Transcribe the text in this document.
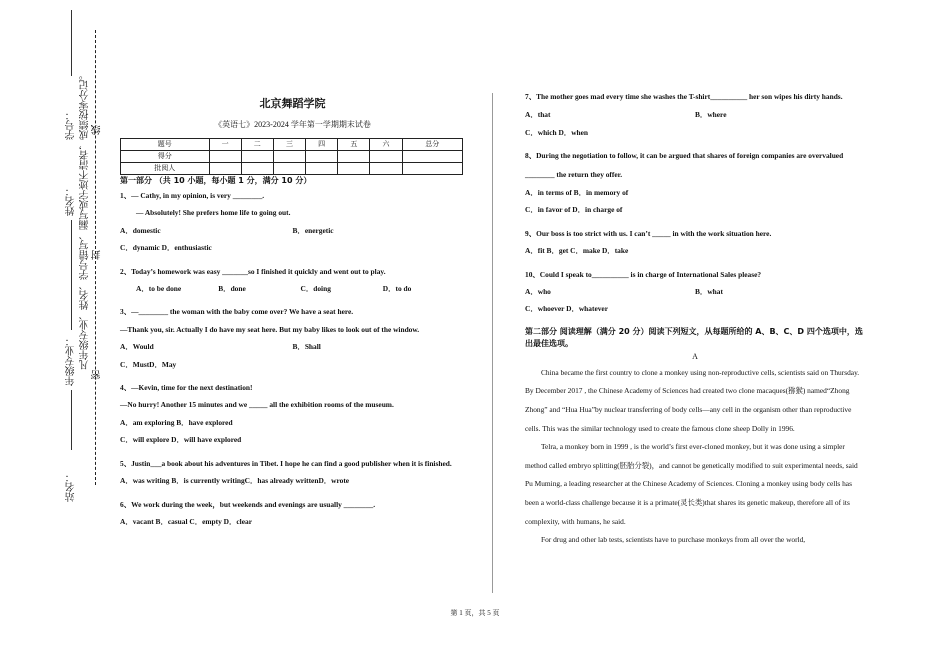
学号：
姓名：
年级专业：
站名：
凡年级专业、姓名、学号错写、漏写或字迹不清者，成绩按零分记。
密
封
线
北京舞蹈学院
《英语七》2023-2024 学年第一学期期末试卷
题号	一	二	三	四	五	六	总分
得分							
批阅人							
第一部分 （共 10 小题，每小题 1 分，满分 10 分）
1、— Cathy, in my opinion, is very ________.
— Absolutely! She prefers home life to going out.
A．domestic	B．energetic
C．dynamic D．enthusiastic
2、Today’s homework was easy _______so I finished it quickly and went out to play.
A．to be done	B．done	C．doing	D．to do
3、—________ the woman with the baby come over? We have a seat here.
—Thank you, sir. Actually I do have my seat here. But my baby likes to look out of the window.
A．Would	B．Shall
C．MustD．May
4、—Kevin, time for the next destination!
—No hurry! Another 15 minutes and we _____ all the exhibition rooms of the museum.
A．am exploring B．have explored
C．will explore D．will have explored
5、Justin___a book about his adventures in Tibet. I hope he can find a good publisher when it is finished.
A．was writing B．is currently writingC．has already writtenD．wrote
6、We work during the week，but weekends and evenings are usually ________.
A．vacant B．casual C．empty D．clear
7、The mother goes mad every time she washes the T-shirt__________ her son wipes his dirty hands.
A．that	B．where
C．which D．when
8、During the negotiation to follow, it can be argued that shares of foreign companies are overvalued ________ the return they offer.
A．in terms of B．in memory of
C．in favor of D．in charge of
9、Our boss is too strict with us. I can’t _____ in with the work situation here.
A．fit B．get C．make D．take
10、Could I speak to__________ is in charge of International Sales please?
A．who	B．what
C．whoever D．whatever
第二部分 阅读理解（满分 20 分）阅读下列短文，从每题所给的 A、B、C、D 四个选项中，选出最佳选项。
A
China became the first country to clone a monkey using non-reproductive cells, scientists said on Thursday. By December 2017 , the Chinese Academy of Sciences had created two clone macaques(猕猴) named“Zhong Zhong” and “Hua Hua”by nuclear transferring of body cells—any cell in the organism other than reproductive cells. This was the similar technology used to create the famous clone sheep Dolly in 1996.
Telra, a monkey born in 1999 , is the world’s first ever-cloned monkey, but it was done using a simpler method called embryo splitting(胚胎分裂)，and cannot be genetically modified to suit experimental needs, said Pu Muming, a leading researcher at the Chinese Academy of Sciences. Cloning a monkey using body cells has been a world-class challenge because it is a primate(灵长类)that shares its genetic makeup, therefore all of its complexity, with humans, he said.
For drug and other lab tests, scientists have to purchase monkeys from all over the world,
第 1 页，共 5 页
